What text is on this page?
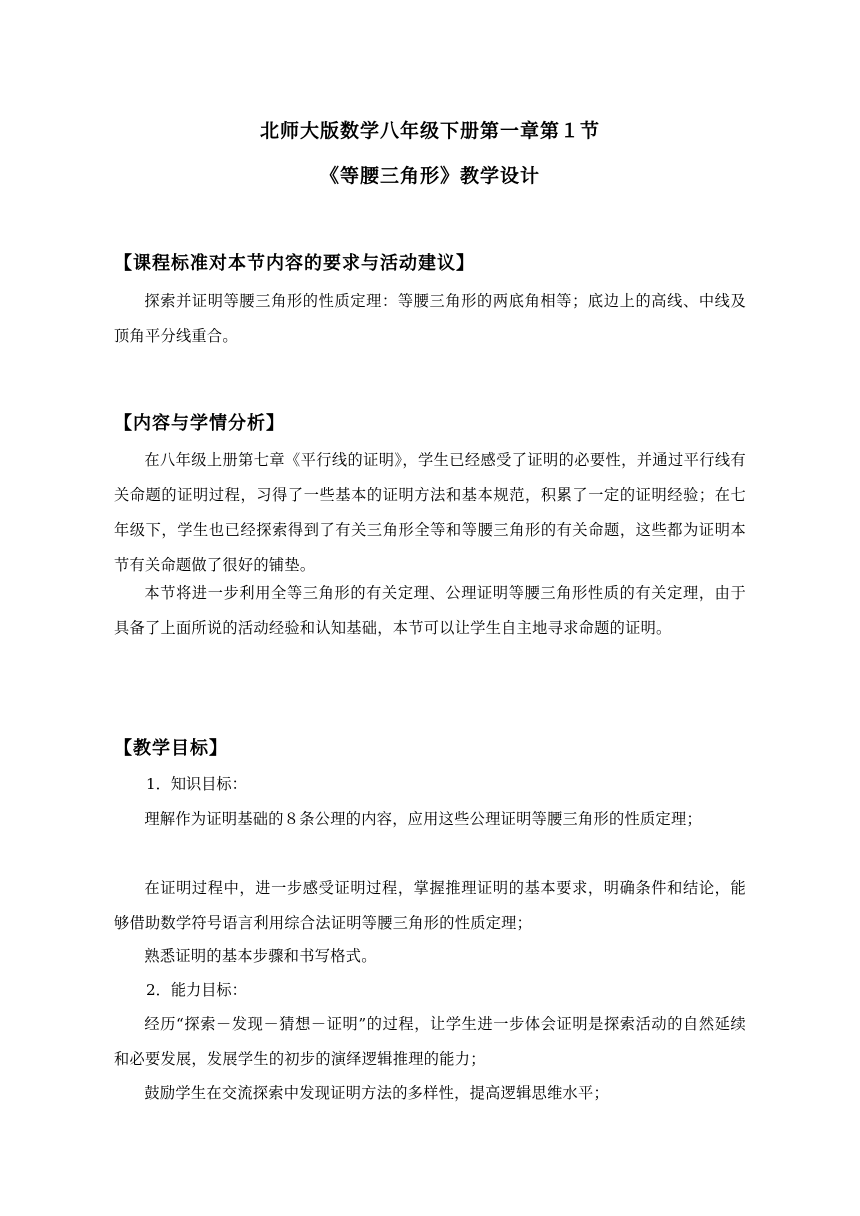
北师大版数学八年级下册第一章第１节
《等腰三角形》教学设计
【课程标准对本节内容的要求与活动建议】
探索并证明等腰三角形的性质定理：等腰三角形的两底角相等；底边上的高线、中线及顶角平分线重合。
【内容与学情分析】
在八年级上册第七章《平行线的证明》，学生已经感受了证明的必要性，并通过平行线有关命题的证明过程，习得了一些基本的证明方法和基本规范，积累了一定的证明经验；在七年级下，学生也已经探索得到了有关三角形全等和等腰三角形的有关命题，这些都为证明本节有关命题做了很好的铺垫。
本节将进一步利用全等三角形的有关定理、公理证明等腰三角形性质的有关定理，由于具备了上面所说的活动经验和认知基础，本节可以让学生自主地寻求命题的证明。
【教学目标】
1．知识目标：
理解作为证明基础的８条公理的内容，应用这些公理证明等腰三角形的性质定理；
在证明过程中，进一步感受证明过程，掌握推理证明的基本要求，明确条件和结论，能够借助数学符号语言利用综合法证明等腰三角形的性质定理；
熟悉证明的基本步骤和书写格式。
2．能力目标：
经历“探索－发现－猜想－证明”的过程，让学生进一步体会证明是探索活动的自然延续和必要发展，发展学生的初步的演绎逻辑推理的能力；
鼓励学生在交流探索中发现证明方法的多样性，提高逻辑思维水平；
